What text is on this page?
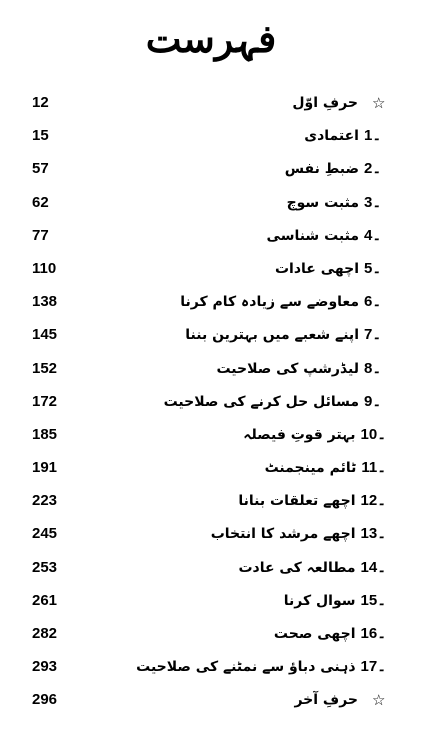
فہرست
12	حرفِ اوّل ☆
15	اعتمادی 1۔
57	ضبطِ نفس 2۔
62	مثبت سوچ 3۔
77	مثبت شناسی 4۔
110	اچھی عادات 5۔
138	معاوضے سے زیادہ کام کرنا 6۔
145	اپنے شعبے میں بہترین بننا 7۔
152	لیڈرشپ کی صلاحیت 8۔
172	مسائل حل کرنے کی صلاحیت 9۔
185	بہتر قوتِ فیصلہ 10۔
191	ٹائم مینجمنٹ 11۔
223	اچھے تعلقات بنانا 12۔
245	اچھے مرشد کا انتخاب 13۔
253	مطالعہ کی عادت 14۔
261	سوال کرنا 15۔
282	اچھی صحت 16۔
293	ذہنی دباؤ سے نمٹنے کی صلاحیت 17۔
296	حرفِ آخر ☆
